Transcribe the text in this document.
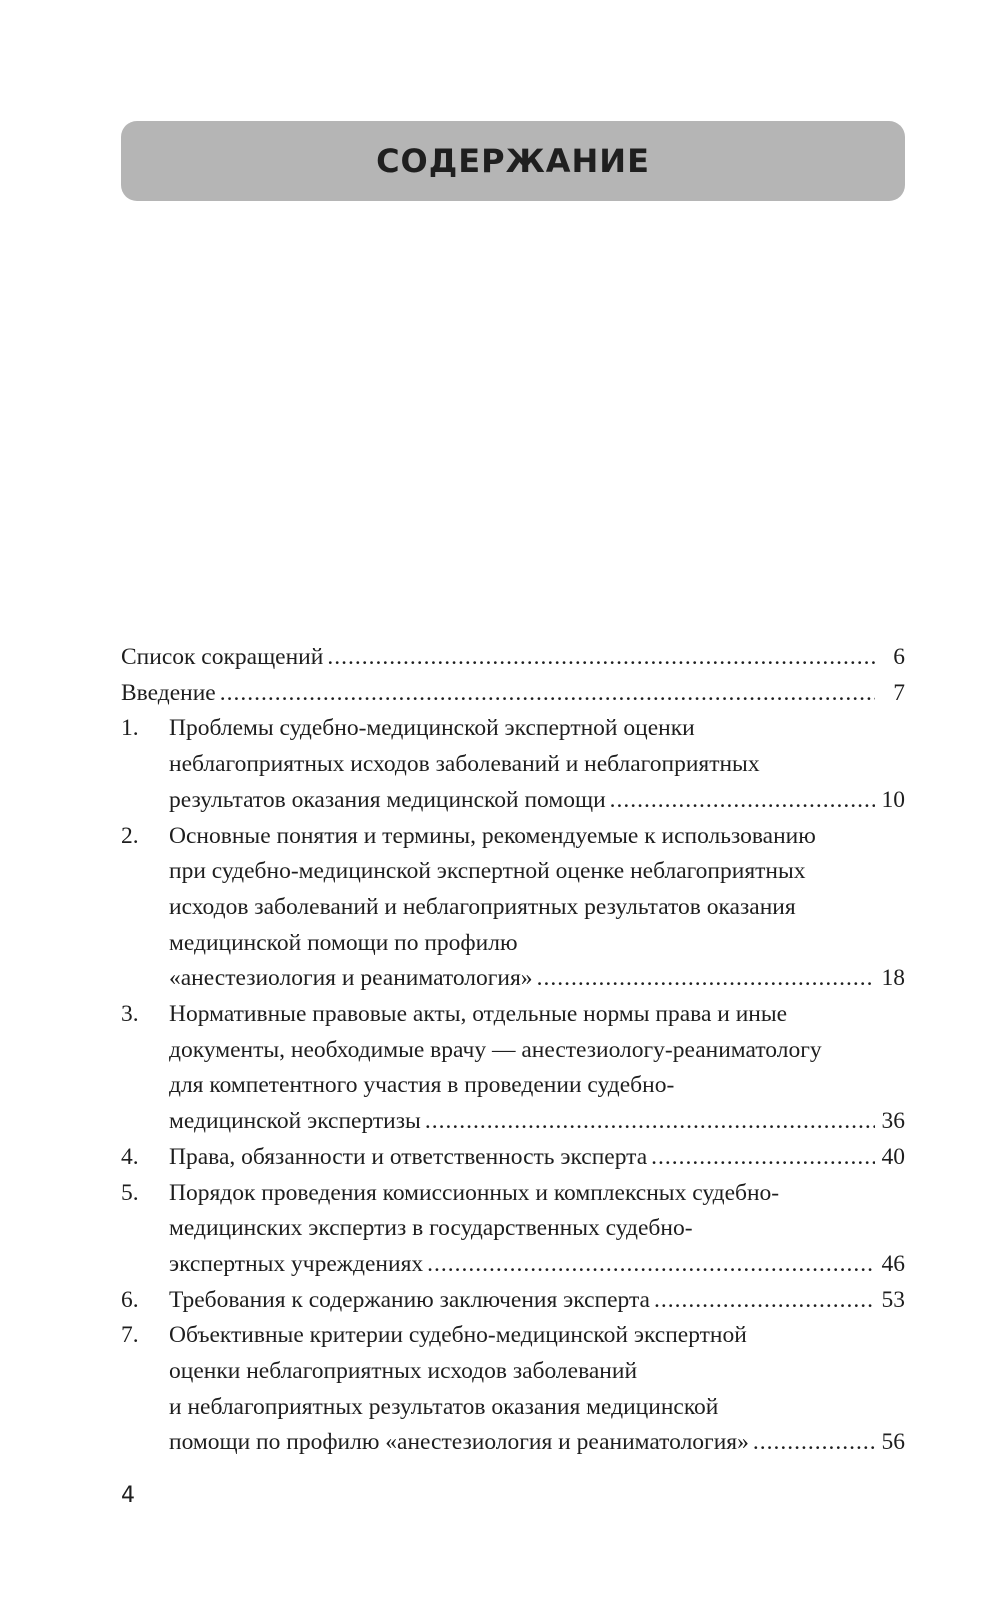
СОДЕРЖАНИЕ
Список сокращений .....	6
Введение .....	7
1.	Проблемы судебно-медицинской экспертной оценки
неблагоприятных исходов заболеваний и неблагоприятных
результатов оказания медицинской помощи .....	10
2.	Основные понятия и термины, рекомендуемые к использованию
при судебно-медицинской экспертной оценке неблагоприятных
исходов заболеваний и неблагоприятных результатов оказания
медицинской помощи по профилю
«анестезиология и реаниматология» .....	18
3.	Нормативные правовые акты, отдельные нормы права и иные
документы, необходимые врачу — анестезиологу-реаниматологу
для компетентного участия в проведении судебно-
медицинской экспертизы .....	36
4.	Права, обязанности и ответственность эксперта .....	40
5.	Порядок проведения комиссионных и комплексных судебно-
медицинских экспертиз в государственных судебно-
экспертных учреждениях .....	46
6.	Требования к содержанию заключения эксперта .....	53
7.	Объективные критерии судебно-медицинской экспертной
оценки неблагоприятных исходов заболеваний
и неблагоприятных результатов оказания медицинской
помощи по профилю «анестезиология и реаниматология» .....	56
4
